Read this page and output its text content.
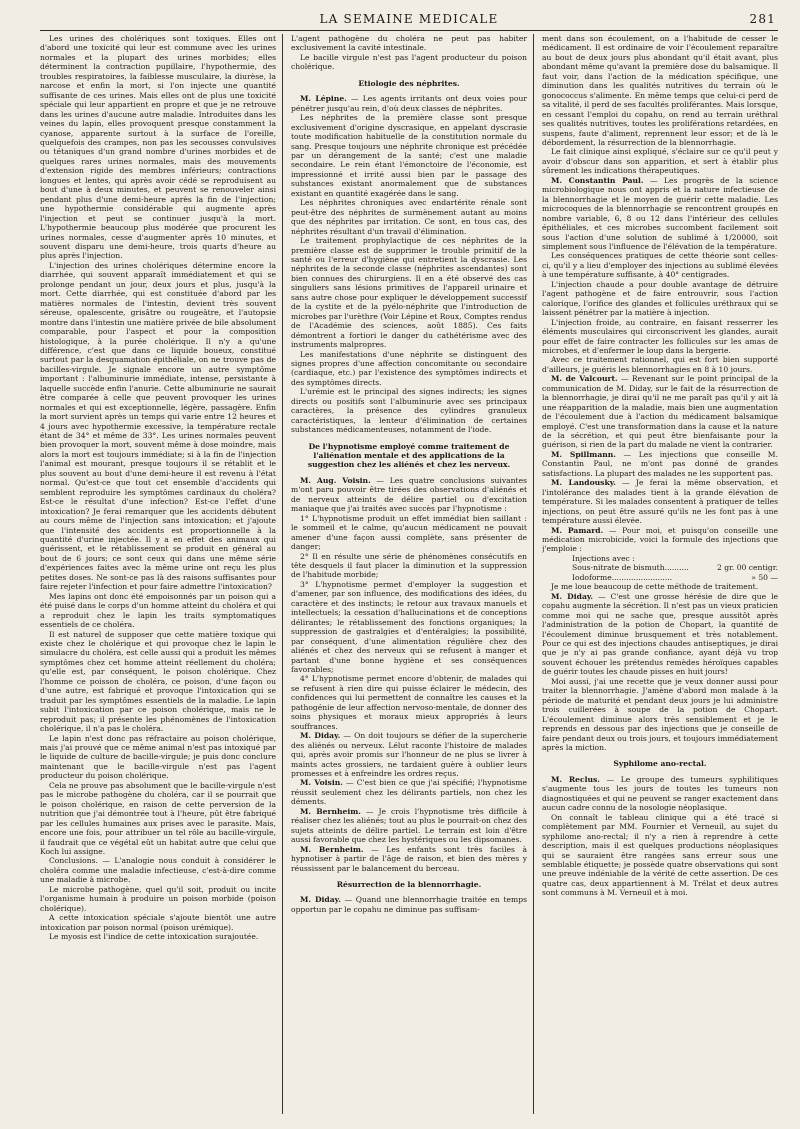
LA SEMAINE MEDICALE	281

Les urines des cholériques sont toxiques. Elles ont d'abord une toxicité qui leur est commune avec les urines normales et la plupart des urines morbides; elles déterminent la contraction pupillaire, l'hypothermie, des troubles respiratoires, la faiblesse musculaire, la diurèse, la narcose et enfin la mort, si l'on injecte une quantité suffisante de ces urines. Mais elles ont de plus une toxicité spéciale qui leur appartient en propre et que je ne retrouve dans les urines d'aucune autre maladie. Introduites dans les veines du lapin, elles provoquent presque constamment la cyanose, apparente surtout à la surface de l'oreille, quelquefois des crampes, non pas les secousses convulsives ou tétaniques d'un grand nombre d'urines morbides et de quelques rares urines normales, mais des mouvements d'extension rigide des membres inférieurs; contractions longues et lentes, qui après avoir cédé se reproduisent au bout d'une à deux minutes, et peuvent se renouveler ainsi pendant plus d'une demi-heure après la fin de l'injection; une hypothermie considérable qui augmente après l'injection et peut se continuer jusqu'à la mort. L'hypothermie beaucoup plus modérée que procurent les urines normales, cesse d'augmenter après 10 minutes, et souvent disparu une demi-heure, trois quarts d'heure au plus après l'injection.

L'injection des urines cholériques détermine encore la diarrhée, qui souvent apparaît immédiatement et qui se prolonge pendant un jour, deux jours et plus, jusqu'à la mort. Cette diarrhée, qui est constituée d'abord par les matières normales de l'intestin, devient très souvent séreuse, opalescente, grisâtre ou rougeâtre, et l'autopsie montre dans l'intestin une matière privée de bile absolument comparable, pour l'aspect et pour la composition histologique, à la purée cholérique. Il n'y a qu'une différence, c'est que dans ce liquide boueux, constitué surtout par la desquamation épithéliale, on ne trouve pas de bacilles-virgule. Je signale encore un autre symptôme important : l'albuminurie immédiate, intense, persistante à laquelle succède enfin l'anurie. Cette albuminurie ne saurait être comparée à celle que peuvent provoquer les urines normales et qui est exceptionnelle, légère, passagère. Enfin la mort survient après un temps qui varie entre 12 heures et 4 jours avec hypothermie excessive, la température rectale étant de 34° et même de 33°. Les urines normales peuvent bien provoquer la mort, souvent même à dose moindre, mais alors la mort est toujours immédiate; si à la fin de l'injection l'animal est mourant, presque toujours il se rétablit et le plus souvent au bout d'une demi-heure il est revenu à l'état normal. Qu'est-ce que tout cet ensemble d'accidents qui semblent reproduire les symptômes cardinaux du choléra? Est-ce le résultat d'une infection? Est-ce l'effet d'une intoxication? Je ferai remarquer que les accidents débutent au cours même de l'injection sans intoxication; et j'ajoute que l'intensité des accidents est proportionnelle à la quantité d'urine injectée. Il y a en effet des animaux qui guérissent, et le rétablissement se produit en général au bout de 6 jours; ce sont ceux qui dans une même série d'expériences faites avec la même urine ont reçu les plus petites doses. Ne sont-ce pas là des raisons suffisantes pour faire rejeter l'infection et pour faire admettre l'intoxication?

Mes lapins ont donc été empoisonnés par un poison qui a été puisé dans le corps d'un homme atteint du choléra et qui a reproduit chez le lapin les traits symptomatiques essentiels de ce choléra.

Il est naturel de supposer que cette matière toxique qui existe chez le cholérique et qui provoque chez le lapin le simulacre du choléra, est celle aussi qui a produit les mêmes symptômes chez cet homme atteint réellement du choléra; qu'elle est, par conséquent, le poison cholérique. Chez l'homme ce poisson de choléra, ce poison, d'une façon ou d'une autre, est fabriqué et provoque l'intoxication qui se traduit par les symptômes essentiels de la maladie. Le lapin subit l'intoxication par ce poison cholérique, mais ne le reproduit pas; il présente les phénomènes de l'intoxication cholérique, il n'a pas le choléra.

Le lapin n'est donc pas réfractaire au poison cholérique, mais j'ai prouvé que ce même animal n'est pas intoxiqué par le liquide de culture de bacille-virgule; je puis donc conclure maintenant que le bacille-virgule n'est pas l'agent producteur du poison cholérique.

Cela ne prouve pas absolument que le bacille-virgule n'est pas le microbe pathogène du choléra, car il se pourrait que le poison cholérique, en raison de cette perversion de la nutrition que j'ai démontrée tout à l'heure, pût être fabriqué par les cellules humaines aux prises avec le parasite. Mais, encore une fois, pour attribuer un tel rôle au bacille-virgule, il faudrait que ce végétal eût un habitat autre que celui que Koch lui assigne.

Conclusions. — L'analogie nous conduit à considérer le choléra comme une maladie infectieuse, c'est-à-dire comme une maladie à microbe.

Le microbe pathogène, quel qu'il soit, produit ou incite l'organisme humain à produire un poison morbide (poison cholérique).

A cette intoxication spéciale s'ajoute bientôt une autre intoxication par poison normal (poison urémique).

Le myosis est l'indice de cette intoxication surajoutée.

L'agent pathogène du choléra ne peut pas habiter exclusivement la cavité intestinale.

Le bacille virgule n'est pas l'agent producteur du poison cholérique.

Etiologie des néphrites.

M. Lépine. — Les agents irritants ont deux voies pour pénétrer jusqu'au rein, d'où deux classes de néphrites.

Les néphrites de la première classe sont presque exclusivement d'origine dyscrasique, en appelant dyscrasie toute modification habituelle de la constitution normale du sang. Presque toujours une néphrite chronique est précédée par un dérangement de la santé; c'est une maladie secondaire. Le rein étant l'émonctoire de l'économie, est impressionné et irrité aussi bien par le passage des substances existant anormalement que de substances existant en quantité exagérée dans le sang.

Les néphrites chroniques avec endartérite rénale sont peut-être des néphrites de surmènement autant au moins que des néphrites par irritation. Ce sont, en tous cas, des néphrites résultant d'un travail d'élimination.

Le traitement prophylactique de ces néphrites de la première classe est de supprimer le trouble primitif de la santé ou l'erreur d'hygiène qui entretient la dyscrasie. Les néphrites de la seconde classe (néphrites ascendantes) sont bien connues des chirurgiens. Il en a été observé des cas singuliers sans lésions primitives de l'appareil urinaire et sans autre chose pour expliquer le développement successif de la cystite et de la pyélo-néphrite que l'introduction de microbes par l'urèthre (Voir Lépine et Roux, Comptes rendus de l'Académie des sciences, août 1885). Ces faits démontrent a fortiori le danger du cathétérisme avec des instruments malpropres.

Les manifestations d'une néphrite se distinguent des signes propres d'une affection concomitante ou secondaire (cardiaque, etc.) par l'existence des symptômes indirects et des symptômes directs.

L'urémie est le principal des signes indirects; les signes directs ou positifs sont l'albuminurie avec ses principaux caractères, la présence des cylindres granuleux caractéristiques, la lenteur d'élimination de certaines substances médicamenteuses, notamment de l'iode.

De l'hypnotisme employé comme traitement de l'aliénation mentale et des applications de la suggestion chez les aliénés et chez les nerveux.

M. Aug. Voisin. — Les quatre conclusions suivantes m'ont paru pouvoir être tirées des observations d'aliénés et de nerveux atteints de délire partiel ou d'excitation maniaque que j'ai traités avec succès par l'hypnotisme :

1° L'hypnotisme produit un effet immédiat bien saillant : le sommeil et le calme, qu'aucun médicament ne pouvait amener d'une façon aussi complète, sans présenter de danger;

2° Il en résulte une série de phénomènes consécutifs en tête desquels il faut placer la diminution et la suppression de l'habitude morbide;

3° L'hypnotisme permet d'employer la suggestion et d'amener, par son influence, des modifications des idées, du caractère et des instincts; le retour aux travaux manuels et intellectuels; la cessation d'hallucinations et de conceptions délirantes; le rétablissement des fonctions organiques; la suppression de gastralgies et d'entéralgies; la possibilité, par conséquent, d'une alimentation régulière chez des aliénés et chez des nerveux qui se refusent à manger et partant d'une bonne hygiène et ses conséquences favorables;

4° L'hypnotisme permet encore d'obtenir, de malades qui se refusent à rien dire qui puisse éclairer le médecin, des confidences qui lui permettent de connaître les causes et la pathogénie de leur affection nervoso-mentale, de donner des soins physiques et moraux mieux appropriés à leurs souffrances.

M. Diday. — On doit toujours se défier de la supercherie des aliénés ou nerveux. Lélut raconte l'histoire de malades qui, après avoir promis sur l'honneur de ne plus se livrer à maints actes grossiers, ne tardaient guère à oublier leurs promesses et à enfreindre les ordres reçus.

M. Voisin. — C'est bien ce que j'ai spécifié; l'hypnotisme réussit seulement chez les délirants partiels, non chez les déments.

M. Bernheim. — Je crois l'hypnotisme très difficile à réaliser chez les aliénés; tout au plus le pourrait-on chez des sujets atteints de délire partiel. Le terrain est loin d'être aussi favorable que chez les hystériques ou les dipsomanes.

M. Bernheim. — Les enfants sont très faciles à hypnotiser à partir de l'âge de raison, et bien des mères y réussissent par le balancement du berceau.

Résurrection de la blennorrhagie.

M. Diday. — Quand une blennorrhagie traitée en temps opportun par le copahu ne diminue pas suffisam-

ment dans son écoulement, on a l'habitude de cesser le médicament. Il est ordinaire de voir l'écoulement reparaître au bout de deux jours plus abondant qu'il était avant, plus abondant même qu'avant la première dose du balsamique. Il faut voir, dans l'action de la médication spécifique, une diminution dans les qualités nutritives du terrain où le gonococcus s'alimente. En même temps que celui-ci perd de sa vitalité, il perd de ses facultés proliférantes. Mais lorsque, en cessant l'emploi du copahu, on rend au terrain uréthral ses qualités nutritives, toutes les proliférations retardées, en suspens, faute d'aliment, reprennent leur essor; et de là le débordement, la résurrection de la blennorrhagie.

Le fait clinique ainsi expliqué, s'éclaire sur ce qu'il peut y avoir d'obscur dans son apparition, et sert à établir plus sûrement les indications thérapeutiques.

M. Constantin Paul. — Les progrès de la science microbiologique nous ont appris et la nature infectieuse de la blennorrhagie et le moyen de guérir cette maladie. Les microcoques de la blennorrhagie se rencontrent groupés en nombre variable, 6, 8 ou 12 dans l'intérieur des cellules épithéliales, et ces microbes succombent facilement soit sous l'action d'une solution de sublimé à 1/20000, soit simplement sous l'influence de l'élévation de la température.

Les conséquences pratiques de cette théorie sont celles-ci, qu'il y a lieu d'employer des injections au sublimé élevées à une température suffisante, à 40° centigrades.

L'injection chaude a pour double avantage de détruire l'agent pathogène et de faire entrouvrir, sous l'action calorique, l'orifice des glandes et follicules uréthraux qui se laissent pénétrer par la matière à injection.

L'injection froide, au contraire, en faisant resserrer les éléments musculaires qui circonscrivent les glandes, aurait pour effet de faire contracter les follicules sur les amas de microbes, et d'enfermer le loup dans la bergerie.

Avec ce traitement rationnel, qui est fort bien supporté d'ailleurs, je guéris les blennorrhagies en 8 à 10 jours.

M. de Valcourt. — Revenant sur le point principal de la communication de M. Diday, sur le fait de la résurrection de la blennorrhagie, je dirai qu'il ne me paraît pas qu'il y ait là une réapparition de la maladie, mais bien une augmentation de l'écoulement due à l'action du médicament balsamique employé. C'est une transformation dans la cause et la nature de la sécrétion, et qui peut être bienfaisante pour la guérison, si rien de la part du malade ne vient la contrarier.

M. Spillmann. — Les injections que conseille M. Constantin Paul, ne m'ont pas donné de grandes satisfactions. La plupart des malades ne les supportent pas.

M. Landousky. — Je ferai la même observation, et l'intolérance des malades tient à la grande élévation de température. Si les malades consentent à pratiquer de telles injections, on peut être assuré qu'ils ne les font pas à une température aussi élevée.

M. Pamard. — Pour moi, et puisqu'on conseille une médication microbicide, voici la formule des injections que j'emploie :

Injections avec :

2 gr. 00 centigr.
Sous-nitrate de bismuth..........

» 50 —
Iodoforme.........................

Je me loue beaucoup de cette méthode de traitement.

M. Diday. — C'est une grosse hérésie de dire que le copahu augmente la sécrétion. Il n'est pas un vieux praticien comme moi qui ne sache que, presque aussitôt après l'administration de la potion de Chopart, la quantité de l'écoulement diminue brusquement et très notablement. Pour ce qui est des injections chaudes antiseptiques, je dirai que je n'y ai pas grande confiance, ayant déjà vu trop souvent échouer les prétendus remèdes héroïques capables de guérir toutes les chaude pisses en huit jours!

Moi aussi, j'ai une recette que je veux donner aussi pour traiter la blennorrhagie. J'amène d'abord mon malade à la période de maturité et pendant deux jours je lui administre trois cuillerées à soupe de la potion de Chopart. L'écoulement diminue alors très sensiblement et je le reprends en dessous par des injections que je conseille de faire pendant deux ou trois jours, et toujours immédiatement après la miction.

Syphilome ano-rectal.

M. Reclus. — Le groupe des tumeurs syphilitiques s'augmente tous les jours de toutes les tumeurs non diagnostiquées et qui ne peuvent se ranger exactement dans aucun cadre connu de la nosologie néoplasique.

On connaît le tableau clinique qui a été tracé si complètement par MM. Fournier et Verneuil, au sujet du syphilome ano-rectal; il n'y a rien à reprendre à cette description, mais il est quelques productions néoplasiques qui se sauraient être rangées sans erreur sous une semblable étiquette; je possède quatre observations qui sont une preuve indéniable de la vérité de cette assertion. De ces quatre cas, deux appartiennent à M. Trélat et deux autres sont communs à M. Verneuil et à moi.
